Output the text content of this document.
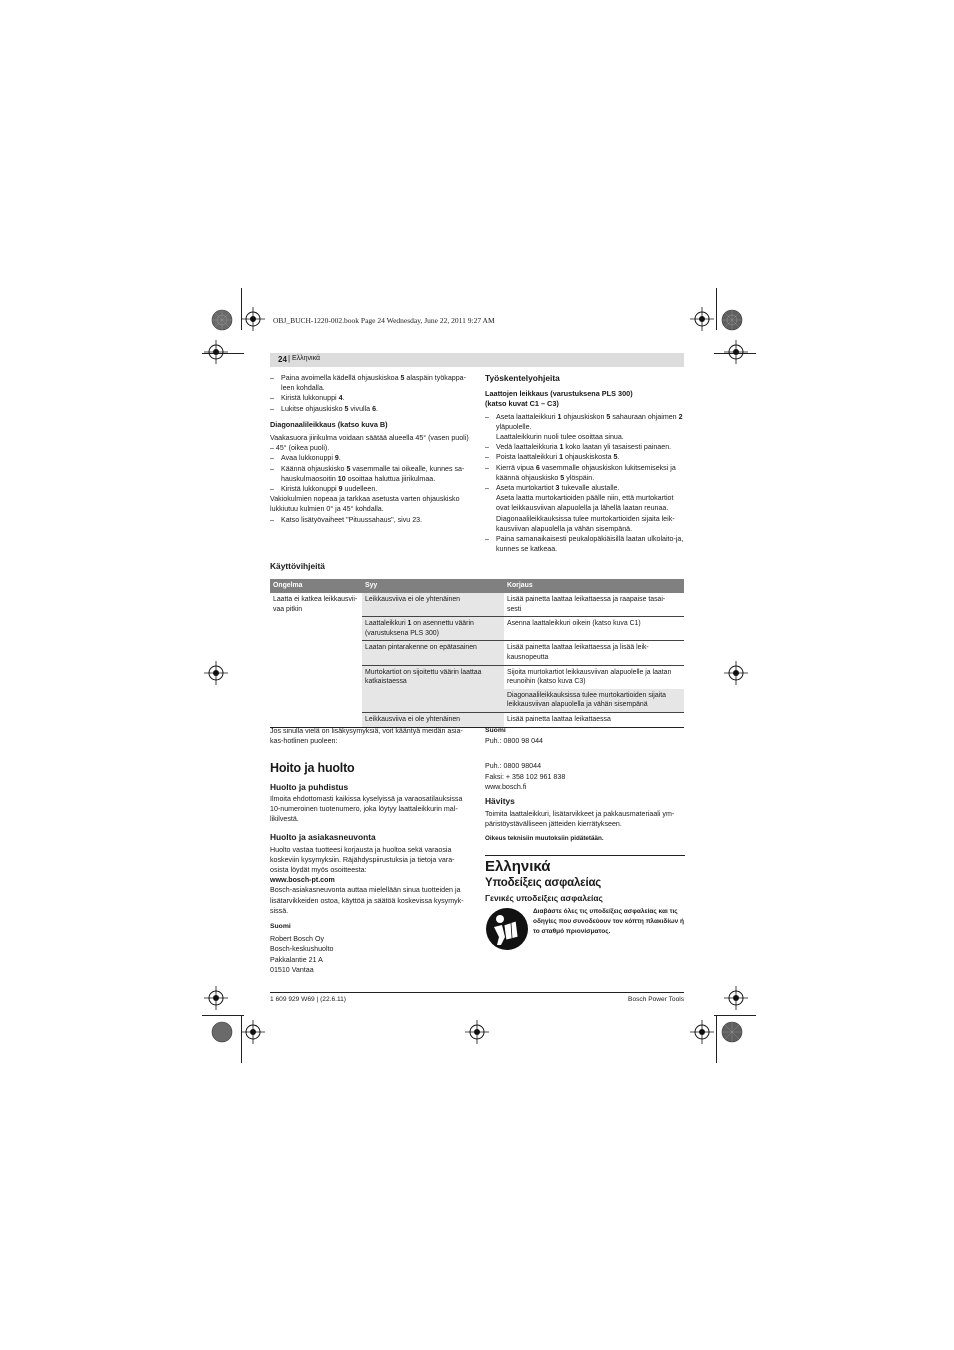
OBJ_BUCH-1220-002.book Page 24 Wednesday, June 22, 2011 9:27 AM
24 | Ελληνικά
– Paina avoimella kädellä ohjauskiskoa 5 alaspäin työkappa-leen kohdalla.
– Kiristä lukkonuppi 4.
– Lukitse ohjauskisko 5 vivulla 6.

Diagonaalileikkaus (katso kuva B)

Vaakasuora jiirikulma voidaan säätää alueella 45° (vasen puoli) – 45° (oikea puoli).

– Avaa lukkonuppi 9.
– Käännä ohjauskisko 5 vasemmalle tai oikealle, kunnes sa-hauskulmaosoitin 10 osoittaa haluttua jiirikulmaa.
– Kiristä lukkonuppi 9 uudelleen.

Vakiokulmien nopeaa ja tarkkaa asetusta varten ohjauskisko lukkiutuu kulmien 0° ja 45° kohdalla.

– Katso lisätyövaiheet "Pituussahaus", sivu 23.
Työskentelyohjeita

Laattojen leikkaus (varustuksena PLS 300)

(katso kuvat C1 – C3)

– Aseta laattaleikkuri 1 ohjauskiskon 5 sahauraan ohjaimen 2 yläpuolelle.
Laattaleikkurin nuoli tulee osoittaa sinua.
– Vedä laattaleikkuria 1 koko laatan yli tasaisesti painaen.
– Poista laattaleikkuri 1 ohjauskiskosta 5.
– Kierrä vipua 6 vasemmalle ohjauskiskon lukitsemiseksi ja käännä ohjauskisko 5 ylöspäin.
– Aseta murtokartiot 3 tukevalle alustalle.
Aseta laatta murtokartioiden päälle niin, että murtokartiot ovat leikkausviivan alapuolella ja lähellä laatan reunaa. Diagonaalileikkauksissa tulee murtokartioiden sijaita leik-kausviivan alapuolella ja vähän sisempänä.
– Paina samanaikaisesti peukalopäkiäisillä laatan ulkolaito-ja, kunnes se katkeaa.
Käyttövihjeitä
Ongelma	Syy	Korjaus
Laatta ei katkea leikkausvii-vaa pitkin	Leikkausviiva ei ole yhtenäinen	Lisää painetta laattaa leikattaessa ja raapaise tasai-
sesti
	Laattaleikkuri 1 on asennettu väärin (varustuksena PLS 300)	Asenna laattaleikkuri oikein (katso kuva C1)
	Laatan pintarakenne on epätasainen	Lisää painetta laattaa leikattaessa ja lisää leik-
kausnopeutta
	Murtokartiot on sijoitettu väärin laattaa katkaistaessa	Sijoita murtokartiot leikkausviivan alapuolelle ja laatan reunoihin (katso kuva C3)
		Diagonaalileikkauksissa tulee murtokartioiden sijaita leikkausviivan alapuolella ja vähän sisempänä
	Leikkausviiva ei ole yhtenäinen	Lisää painetta laattaa leikattaessa

Jos sinulla vielä on lisäkysymyksiä, voit kääntyä meidän asia-kas-hotlinen puoleen:

Hoito ja huolto
Huolto ja puhdistus

Ilmoita ehdottomasti kaikissa kyselyissä ja varaosatilauksissa 10-numeroinen tuotenumero, joka löytyy laattaleikkurin mal-likilvestä.

Huolto ja asiakasneuvonta

Huolto vastaa tuotteesi korjausta ja huoltoa sekä varaosia koskeviin kysymyksiin. Räjähdyspiirustuksia ja tietoja vara-osista löydät myös osoitteesta:

www.bosch-pt.com

Bosch-asiakasneuvonta auttaa mielellään sinua tuotteiden ja lisätarvikkeiden ostoa, käyttöä ja säätöä koskevissa kysymyk-sissä.

Suomi

Robert Bosch Oy

Bosch-keskushuolto

Pakkalantie 21 A

01510 Vantaa

Suomi

Puh.: 0800 98 044

Puh.: 0800 98044

Faksi: + 358 102 961 838

www.bosch.fi

Hävitys

Toimita laattaleikkuri, lisätarvikkeet ja pakkausmateriaali ym-päristöystävälliseen jätteiden kierrätykseen.

Oikeus teknisiin muutoksiin pidätetään.

Ελληνικά
Υποδείξεις ασφαλείας
Γενικές υποδείξεις ασφαλείας

Διαβάστε όλες τις υποδείξεις ασφαλείας και τις οδηγίες που συνοδεύουν τον κόπτη πλακιδίων ή το σταθμό πριονίσματος.

1 609 929 W69 | (22.6.11)	Bosch Power Tools
